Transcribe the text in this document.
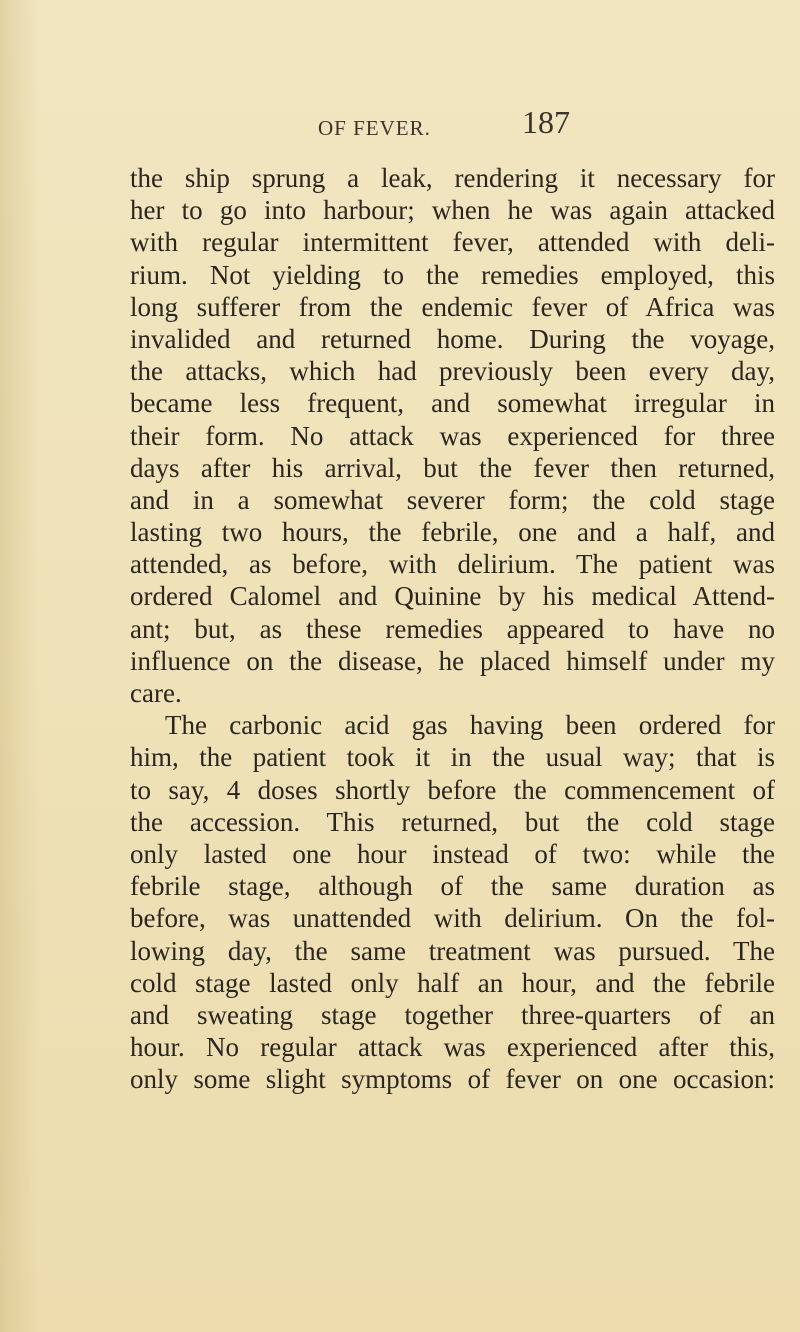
OF FEVER.	187
the ship sprung a leak, rendering it necessary for
her to go into harbour; when he was again attacked
with regular intermittent fever, attended with deli-
rium. Not yielding to the remedies employed, this
long sufferer from the endemic fever of Africa was
invalided and returned home. During the voyage,
the attacks, which had previously been every day,
became less frequent, and somewhat irregular in
their form. No attack was experienced for three
days after his arrival, but the fever then returned,
and in a somewhat severer form; the cold stage
lasting two hours, the febrile, one and a half, and
attended, as before, with delirium. The patient was
ordered Calomel and Quinine by his medical Attend-
ant; but, as these remedies appeared to have no
influence on the disease, he placed himself under my
care.
The carbonic acid gas having been ordered for
him, the patient took it in the usual way; that is
to say, 4 doses shortly before the commencement of
the accession. This returned, but the cold stage
only lasted one hour instead of two: while the
febrile stage, although of the same duration as
before, was unattended with delirium. On the fol-
lowing day, the same treatment was pursued. The
cold stage lasted only half an hour, and the febrile
and sweating stage together three-quarters of an
hour. No regular attack was experienced after this,
only some slight symptoms of fever on one occasion:
